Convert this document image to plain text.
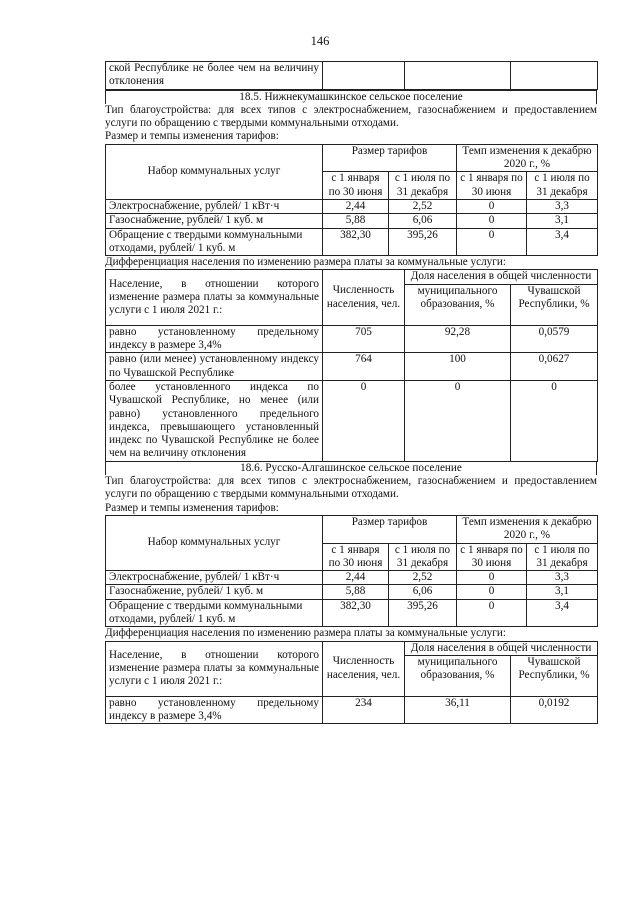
146
ской Республике не более чем на величину отклонения			
18.5. Нижнекумашкинское сельское поселение
Тип благоустройства: для всех типов с электроснабжением, газоснабжением и предоставлением услуги по обращению с твердыми коммунальными отходами.
Размер и темпы изменения тарифов:
Набор коммунальных услуг	Размер тарифов		Темп изменения к декабрю 2020 г., %	
	с 1 января по 30 июня	с 1 июля по 31 декабря	с 1 января по 30 июня	с 1 июля по 31 декабря
Электроснабжение, рублей/ 1 кВт·ч	2,44	2,52	0	3,3
Газоснабжение, рублей/ 1 куб. м	5,88	6,06	0	3,1
Обращение с твердыми коммунальными отходами, рублей/ 1 куб. м	382,30	395,26	0	3,4
Дифференциация населения по изменению размера платы за коммунальные услуги:
Население, в отношении которого изменение размера платы за коммунальные услуги с 1 июля 2021 г.:	Численность населения, чел.	Доля населения в общей численности	
		муниципального образования, %	Чувашской Республики, %
равно установленному предельному индексу в размере 3,4%	705	92,28	0,0579
равно (или менее) установленному индексу по Чувашской Республике	764	100	0,0627
более установленного индекса по Чувашской Республике, но менее (или равно) установленного предельного индекса, превышающего установленный индекс по Чувашской Республике не более чем на величину отклонения	0	0	0
18.6. Русско-Алгашинское сельское поселение
Тип благоустройства: для всех типов с электроснабжением, газоснабжением и предоставлением услуги по обращению с твердыми коммунальными отходами.
Размер и темпы изменения тарифов:
Набор коммунальных услуг	Размер тарифов		Темп изменения к декабрю 2020 г., %	
	с 1 января по 30 июня	с 1 июля по 31 декабря	с 1 января по 30 июня	с 1 июля по 31 декабря
Электроснабжение, рублей/ 1 кВт·ч	2,44	2,52	0	3,3
Газоснабжение, рублей/ 1 куб. м	5,88	6,06	0	3,1
Обращение с твердыми коммунальными отходами, рублей/ 1 куб. м	382,30	395,26	0	3,4
Дифференциация населения по изменению размера платы за коммунальные услуги:
Население, в отношении которого изменение размера платы за коммунальные услуги с 1 июля 2021 г.:	Численность населения, чел.	Доля населения в общей численности	
		муниципального образования, %	Чувашской Республики, %
равно установленному предельному индексу в размере 3,4%	234	36,11	0,0192
